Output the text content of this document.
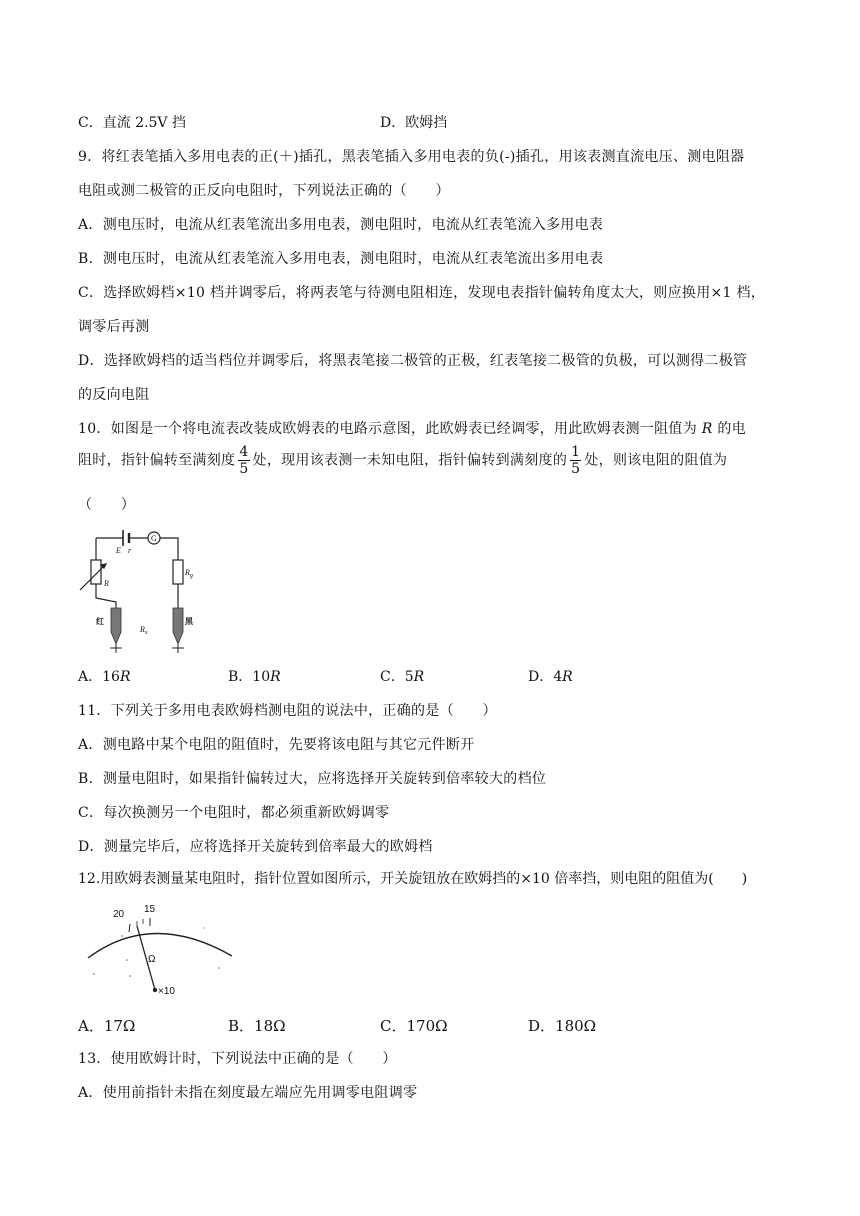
C．直流 2.5V 挡	D．欧姆挡
9．将红表笔插入多用电表的正(＋)插孔，黑表笔插入多用电表的负(-)插孔，用该表测直流电压、测电阻器
电阻或测二极管的正反向电阻时，下列说法正确的（　　）
A．测电压时，电流从红表笔流出多用电表，测电阻时，电流从红表笔流入多用电表
B．测电压时，电流从红表笔流入多用电表，测电阻时，电流从红表笔流出多用电表
C．选择欧姆档×10 档并调零后，将两表笔与待测电阻相连，发现电表指针偏转角度太大，则应换用×1 档，
调零后再测
D．选择欧姆档的适当档位并调零后，将黑表笔接二极管的正极，红表笔接二极管的负极，可以测得二极管
的反向电阻
10．如图是一个将电流表改装成欧姆表的电路示意图，此欧姆表已经调零，用此欧姆表测一阻值为 R 的电
阻时，指针偏转至满刻度 $\frac{4}{5}$ 处，现用该表测一未知电阻，指针偏转到满刻度的 $\frac{1}{5}$ 处，则该电阻的阻值为
（　　）
G
E r
R
$R_g$
$R_x$
红	黑
A．16R	B．10R	C．5R	D．4R
11．下列关于多用电表欧姆档测电阻的说法中，正确的是（　　）
A．测电路中某个电阻的阻值时，先要将该电阻与其它元件断开
B．测量电阻时，如果指针偏转过大，应将选择开关旋转到倍率较大的档位
C．每次换测另一个电阻时，都必须重新欧姆调零
D．测量完毕后，应将选择开关旋转到倍率最大的欧姆档
12.用欧姆表测量某电阻时，指针位置如图所示，开关旋钮放在欧姆挡的×10 倍率挡，则电阻的阻值为(　　)
20 15
Ω
×10
A．17Ω	B．18Ω	C．170Ω	D．180Ω
13．使用欧姆计时，下列说法中正确的是（　　）
A．使用前指针未指在刻度最左端应先用调零电阻调零
